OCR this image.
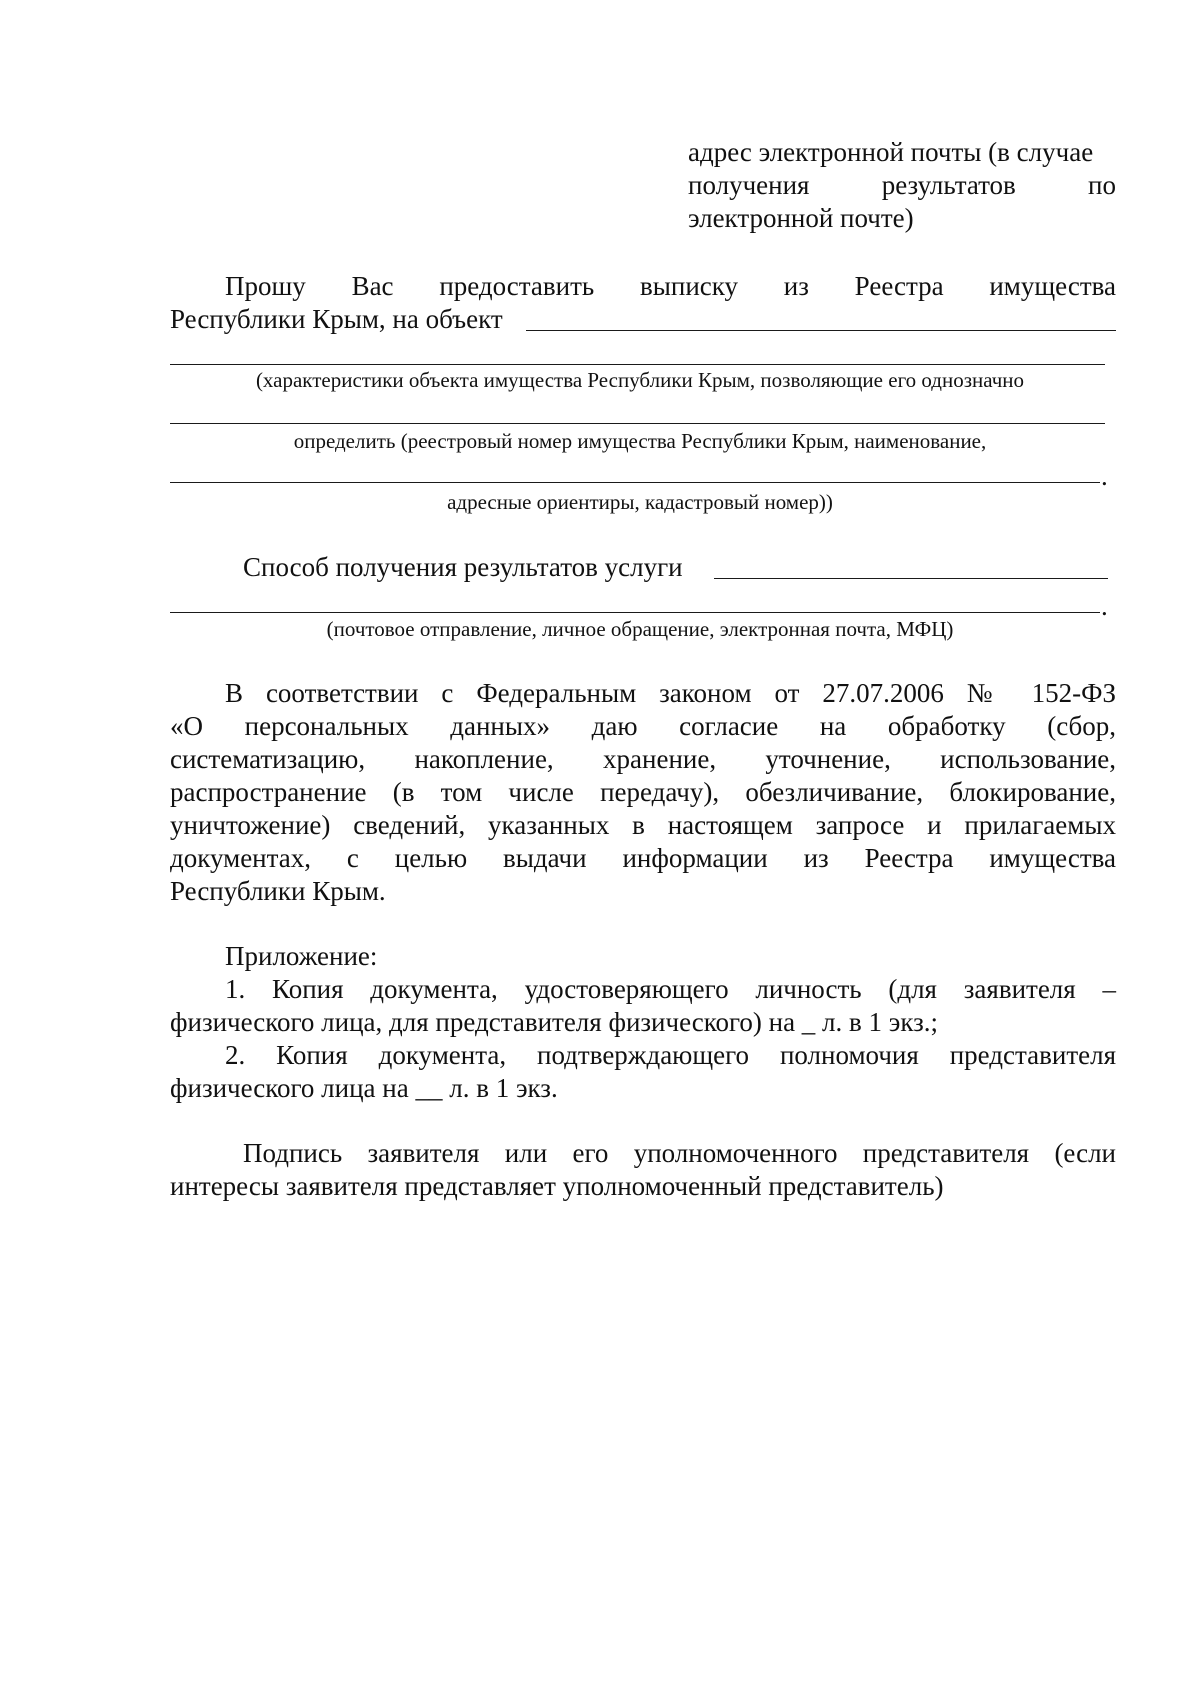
адрес электронной почты (в случае
получения	результатов	по
электронной почте)
Прошу Вас предоставить выписку из Реестра имущества
Республики Крым, на объект
(характеристики объекта имущества Республики Крым, позволяющие его однозначно
определить (реестровый номер имущества Республики Крым, наименование,
.
адресные ориентиры, кадастровый номер))
Способ получения результатов услуги
.
(почтовое отправление, личное обращение, электронная почта, МФЦ)
В соответствии с Федеральным законом от 27.07.2006 № 152-ФЗ
«О персональных данных» даю согласие на обработку (сбор,
систематизацию, накопление, хранение, уточнение, использование,
распространение (в том числе передачу), обезличивание, блокирование,
уничтожение) сведений, указанных в настоящем запросе и прилагаемых
документах, с целью выдачи информации из Реестра имущества
Республики Крым.
Приложение:
1. Копия документа, удостоверяющего личность (для заявителя –
физического лица, для представителя физического) на _ л. в 1 экз.;
2. Копия документа, подтверждающего полномочия представителя
физического лица на __ л. в 1 экз.
Подпись заявителя или его уполномоченного представителя (если
интересы заявителя представляет уполномоченный представитель)
